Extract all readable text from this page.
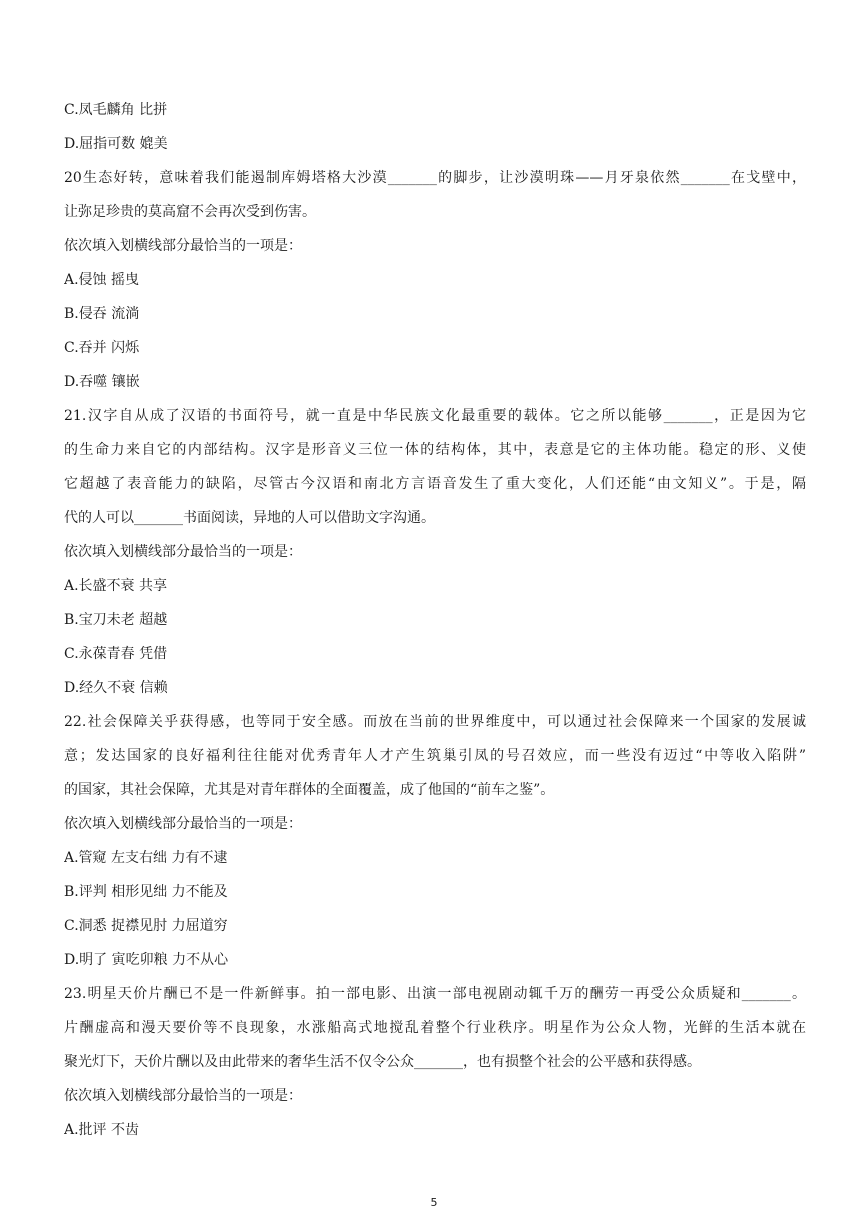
C.凤毛麟角 比拼
D.屈指可数 媲美
20生态好转，意味着我们能遏制库姆塔格大沙漠_______的脚步，让沙漠明珠——月牙泉依然_______在戈壁中，
让弥足珍贵的莫高窟不会再次受到伤害。
依次填入划横线部分最恰当的一项是：
A.侵蚀 摇曳
B.侵吞 流淌
C.吞并 闪烁
D.吞噬 镶嵌
21.汉字自从成了汉语的书面符号，就一直是中华民族文化最重要的载体。它之所以能够_______，正是因为它
的生命力来自它的内部结构。汉字是形音义三位一体的结构体，其中，表意是它的主体功能。稳定的形、义使
它超越了表音能力的缺陷，尽管古今汉语和南北方言语音发生了重大变化，人们还能“由文知义”。于是，隔
代的人可以_______书面阅读，异地的人可以借助文字沟通。
依次填入划横线部分最恰当的一项是：
A.长盛不衰 共享
B.宝刀未老 超越
C.永葆青春 凭借
D.经久不衰 信赖
22.社会保障关乎获得感，也等同于安全感。而放在当前的世界维度中，可以通过社会保障来一个国家的发展诚
意；发达国家的良好福利往往能对优秀青年人才产生筑巢引凤的号召效应，而一些没有迈过“中等收入陷阱”
的国家，其社会保障，尤其是对青年群体的全面覆盖，成了他国的“前车之鉴”。
依次填入划横线部分最恰当的一项是：
A.管窥 左支右绌 力有不逮
B.评判 相形见绌 力不能及
C.洞悉 捉襟见肘 力屈道穷
D.明了 寅吃卯粮 力不从心
23.明星天价片酬已不是一件新鲜事。拍一部电影、出演一部电视剧动辄千万的酬劳一再受公众质疑和_______。
片酬虚高和漫天要价等不良现象，水涨船高式地搅乱着整个行业秩序。明星作为公众人物，光鲜的生活本就在
聚光灯下，天价片酬以及由此带来的奢华生活不仅令公众_______，也有损整个社会的公平感和获得感。
依次填入划横线部分最恰当的一项是：
A.批评 不齿
5
